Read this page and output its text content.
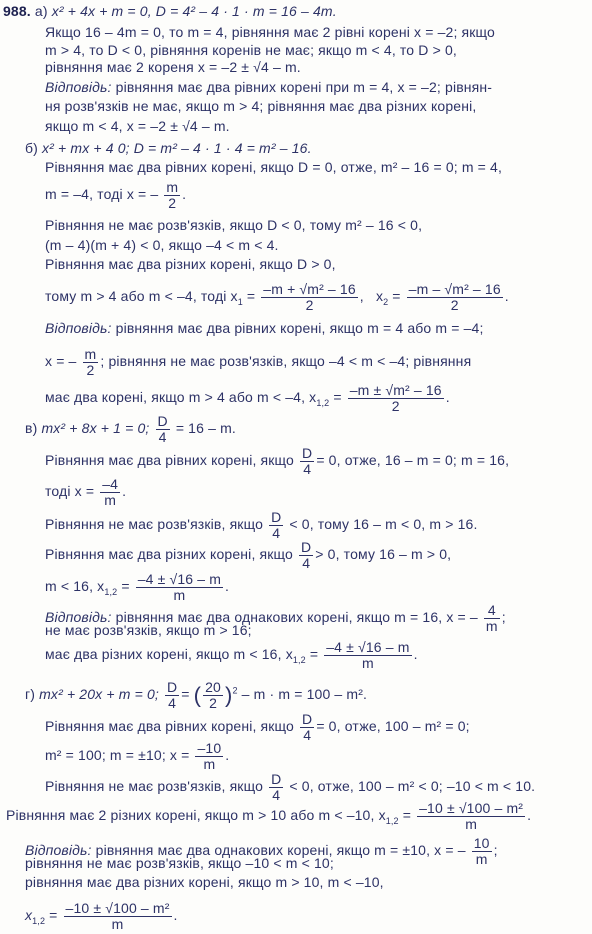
988. а) x² + 4x + m = 0, D = 4² – 4 · 1 · m = 16 – 4m.
Якщо 16 – 4m = 0, то m = 4, рівняння має 2 рівні корені x = –2; якщо
m > 4, то D < 0, рівняння коренів не має; якщо m < 4, то D > 0,
рівняння має 2 кореня x = –2 ± √4 – m.
Відповідь: рівняння має два рівних корені при m = 4, x = –2; рівнян-
ня розв'язків не має, якщо m > 4; рівняння має два різних корені,
якщо m < 4, x = –2 ± √4 – m.
б) x² + mx + 4 0; D = m² – 4 · 1 · 4 = m² – 16.
Рівняння має два рівних корені, якщо D = 0, отже, m² – 16 = 0; m = 4,
m = –4, тоді x = – $\frac{m}{2}$ .
Рівняння не має розв'язків, якщо D < 0, тому m² – 16 < 0,
(m – 4)(m + 4) < 0, якщо –4 < m < 4.
Рівняння має два різних корені, якщо D > 0,
тому m > 4 або m < –4, тоді $x_1 = \frac{\text{–m + √m² – 16}}{2}$ ,   $x_2 = \frac{\text{–m – √m² – 16}}{2}$ .
Відповідь: рівняння має два рівних корені, якщо m = 4 або m = –4;
x = – $\frac{m}{2}$ ; рівняння не має розв'язків, якщо –4 < m < –4; рівняння
має два корені, якщо m > 4 або m < –4, $x_{1,2} = \frac{\text{–m ± √m² – 16}}{2}$ .
в) mx² + 8x + 1 = 0; $\frac{D}{4} = 16 - m$.
Рівняння має два рівних корені, якщо $\frac{D}{4} = 0$, отже, 16 – m = 0; m = 16,
тоді $x = \frac{-4}{m}$ .
Рівняння не має розв'язків, якщо $\frac{D}{4} < 0$, тому 16 – m < 0, m > 16.
Рівняння має два різних корені, якщо $\frac{D}{4} > 0$, тому 16 – m > 0,
m < 16, $x_{1,2} = \frac{-4 \pm √16 - m}{m}$ .
Відповідь: рівняння має два однакових корені, якщо m = 16, x = – $\frac{4}{m}$ ;
не має розв'язків, якщо m > 16;
має два різних корені, якщо m < 16, $x_{1,2} = \frac{-4 \pm √16 - m}{m}$ .
г) mx² + 20x + m = 0; $\frac{D}{4}$ = ( $\frac{20}{2} )^2 - m \cdot m = 100 - m^2$.
Рівняння має два рівних корені, якщо $\frac{D}{4} = 0$, отже, 100 – m² = 0;
m² = 100; m = ±10; $x = \frac{-10}{m}$ .
Рівняння не має розв'язків, якщо $\frac{D}{4} < 0$, отже, 100 – m² < 0; –10 < m < 10.
Рівняння має 2 різних корені, якщо m > 10 або m < –10, $x_{1,2} = \frac{\text{–10 ± √100 – m²}}{m}$ .
Відповідь: рівняння має два однакових корені, якщо m = ±10, x = – $\frac{10}{m}$ ;
рівняння не має розв'язків, якщо –10 < m < 10;
рівняння має два різних корені, якщо m > 10, m < –10,
$x_{1,2} = \frac{\text{–10 ± √100 – m²}}{m}$ .
